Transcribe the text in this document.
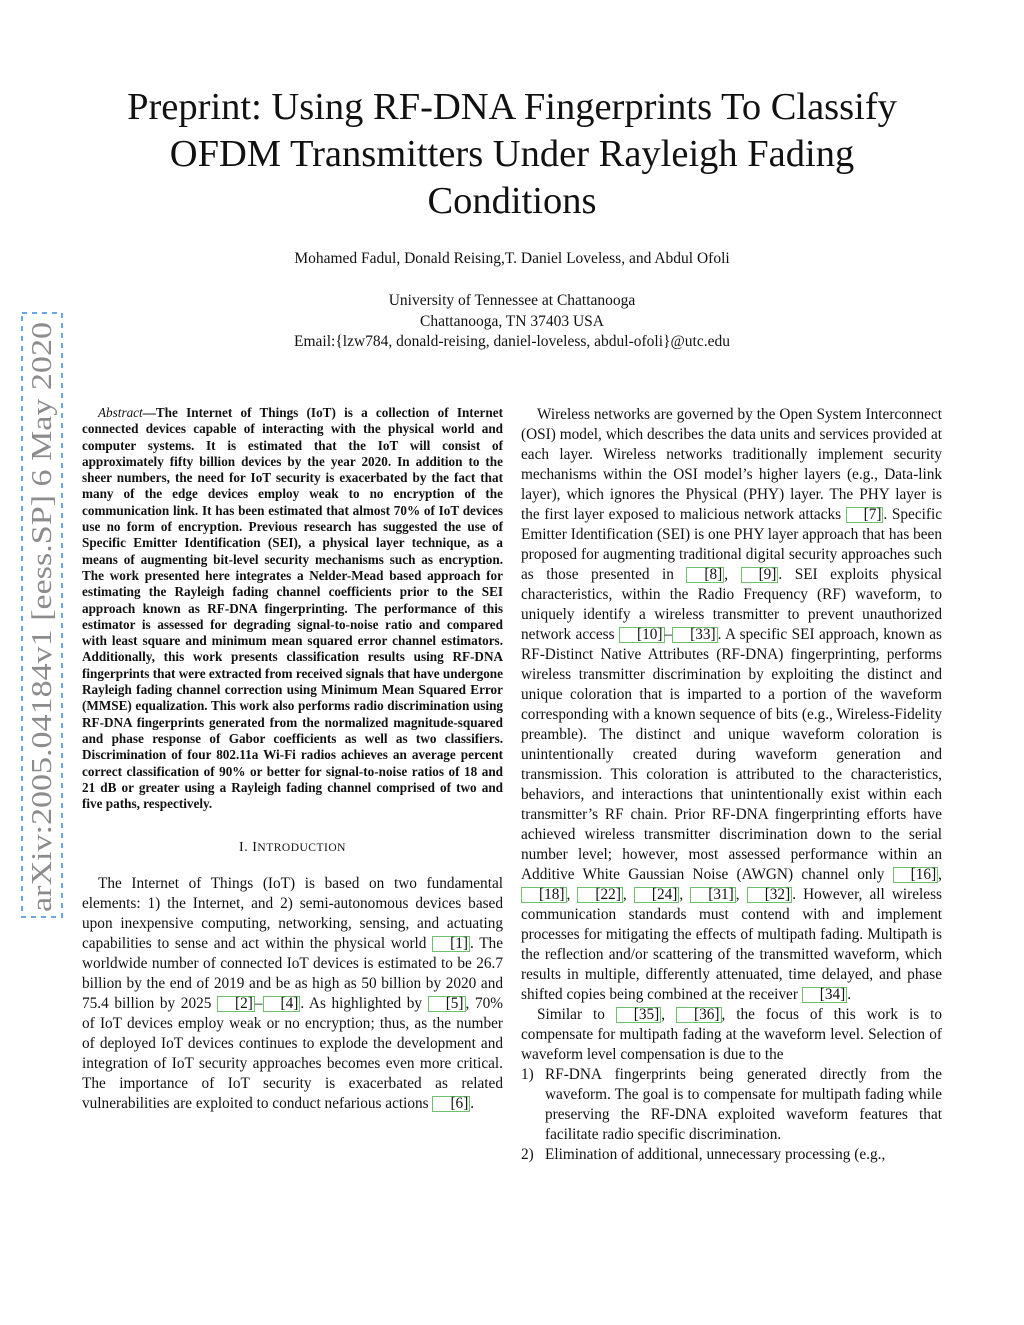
arXiv:2005.04184v1 [eess.SP] 6 May 2020
Preprint: Using RF-DNA Fingerprints To Classify OFDM Transmitters Under Rayleigh Fading Conditions

Mohamed Fadul, Donald Reising,T. Daniel Loveless, and Abdul Ofoli

University of Tennessee at Chattanooga
Chattanooga, TN 37403 USA
Email:{lzw784, donald-reising, daniel-loveless, abdul-ofoli}@utc.edu

Abstract—The Internet of Things (IoT) is a collection of Internet connected devices capable of interacting with the physical world and computer systems. It is estimated that the IoT will consist of approximately fifty billion devices by the year 2020. In addition to the sheer numbers, the need for IoT security is exacerbated by the fact that many of the edge devices employ weak to no encryption of the communication link. It has been estimated that almost 70% of IoT devices use no form of encryption. Previous research has suggested the use of Specific Emitter Identification (SEI), a physical layer technique, as a means of augmenting bit-level security mechanisms such as encryption. The work presented here integrates a Nelder-Mead based approach for estimating the Rayleigh fading channel coefficients prior to the SEI approach known as RF-DNA fingerprinting. The performance of this estimator is assessed for degrading signal-to-noise ratio and compared with least square and minimum mean squared error channel estimators. Additionally, this work presents classification results using RF-DNA fingerprints that were extracted from received signals that have undergone Rayleigh fading channel correction using Minimum Mean Squared Error (MMSE) equalization. This work also performs radio discrimination using RF-DNA fingerprints generated from the normalized magnitude-squared and phase response of Gabor coefficients as well as two classifiers. Discrimination of four 802.11a Wi-Fi radios achieves an average percent correct classification of 90% or better for signal-to-noise ratios of 18 and 21 dB or greater using a Rayleigh fading channel comprised of two and five paths, respectively.

I. INTRODUCTION

The Internet of Things (IoT) is based on two fundamental elements: 1) the Internet, and 2) semi-autonomous devices based upon inexpensive computing, networking, sensing, and actuating capabilities to sense and act within the physical world [1] . The worldwide number of connected IoT devices is estimated to be 26.7 billion by the end of 2019 and be as high as 50 billion by 2020 and 75.4 billion by 2025 [2] – [4] . As highlighted by [5] , 70% of IoT devices employ weak or no encryption; thus, as the number of deployed IoT devices continues to explode the development and integration of IoT security approaches becomes even more critical. The importance of IoT security is exacerbated as related vulnerabilities are exploited to conduct nefarious actions [6] .

Wireless networks are governed by the Open System Interconnect (OSI) model, which describes the data units and services provided at each layer. Wireless networks traditionally implement security mechanisms within the OSI model’s higher layers (e.g., Data-link layer), which ignores the Physical (PHY) layer. The PHY layer is the first layer exposed to malicious network attacks [7] . Specific Emitter Identification (SEI) is one PHY layer approach that has been proposed for augmenting traditional digital security approaches such as those presented in [8] , [9] . SEI exploits physical characteristics, within the Radio Frequency (RF) waveform, to uniquely identify a wireless transmitter to prevent unauthorized network access [10] – [33] . A specific SEI approach, known as RF-Distinct Native Attributes (RF-DNA) fingerprinting, performs wireless transmitter discrimination by exploiting the distinct and unique coloration that is imparted to a portion of the waveform corresponding with a known sequence of bits (e.g., Wireless-Fidelity preamble). The distinct and unique waveform coloration is unintentionally created during waveform generation and transmission. This coloration is attributed to the characteristics, behaviors, and interactions that unintentionally exist within each transmitter’s RF chain. Prior RF-DNA fingerprinting efforts have achieved wireless transmitter discrimination down to the serial number level; however, most assessed performance within an Additive White Gaussian Noise (AWGN) channel only [16] , [18] , [22] , [24] , [31] , [32] . However, all wireless communication standards must contend with and implement processes for mitigating the effects of multipath fading. Multipath is the reflection and/or scattering of the transmitted waveform, which results in multiple, differently attenuated, time delayed, and phase shifted copies being combined at the receiver [34] .

Similar to [35] , [36] , the focus of this work is to compensate for multipath fading at the waveform level. Selection of waveform level compensation is due to the

1) RF-DNA fingerprints being generated directly from the waveform. The goal is to compensate for multipath fading while preserving the RF-DNA exploited waveform features that facilitate radio specific discrimination.
2) Elimination of additional, unnecessary processing (e.g.,
